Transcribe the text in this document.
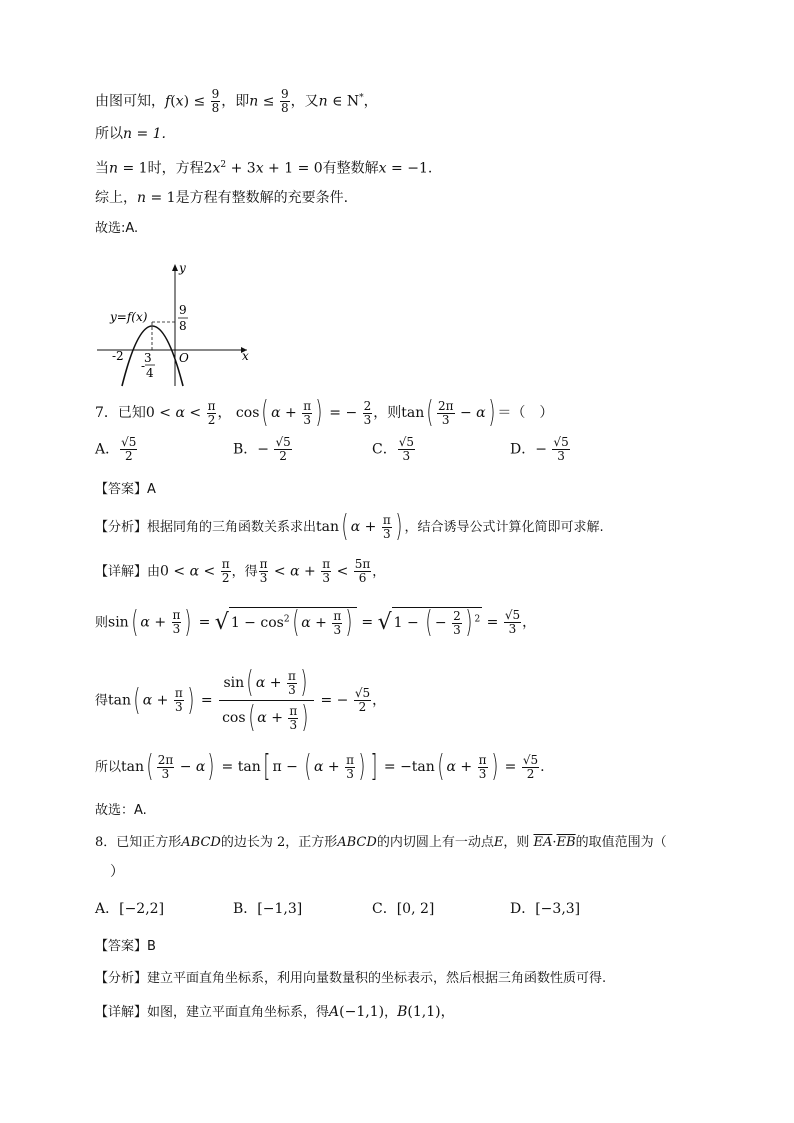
由图可知，$f(x) \le \frac{9}{8}$ ，即$n \le \frac{9}{8}$ ，又n ∈ N*，
所以n = 1.
当n = 1时，方程$2x^2 + 3x + 1 = 0$有整数解x = −1.
综上，n = 1是方程有整数解的充要条件.
故选:A.
y
x
y=f(x)
O
-2 3
- 4
9
8
7．已知$0 < \alpha < \frac{\pi}{2}$ ， cos( $\alpha + \frac{\pi}{3}$ ) = − $\frac{2}{3}$ ，则$\tan( \frac{2\pi}{3} - \alpha)$ ＝（　）
A． $\frac{√5}{2}$	B．− $\frac{√5}{2}$	C． $\frac{√5}{3}$	D．− $\frac{√5}{3}$
【答案】A
【分析】根据同角的三角函数关系求出tan( $\alpha + \frac{\pi}{3}$ ) ，结合诱导公式计算化简即可求解.
【详解】由$0 < \alpha < \frac{\pi}{2}$ ，得 $\frac{\pi}{3} < \alpha + \frac{\pi}{3} < \frac{5\pi}{6}$ ，
则sin( $\alpha + \frac{\pi}{3}$ ) = √ $1 - \cos^2$( $\alpha + \frac{\pi}{3}$ ) = √ 1 − ( − $\frac{2}{3}$ ) $^2 = \frac{√5}{3}$ ，
得tan( $\alpha + \frac{\pi}{3}$ ) = $\frac{\sin( \alpha + \frac{\pi}{3} )}{\cos( \alpha + \frac{\pi}{3} )}$ = − $\frac{√5}{2}$ ，
所以$\tan( \frac{2\pi}{3} - \alpha) = \tan$[ π − ( $\alpha + \frac{\pi}{3}$ ) ] = −tan( $\alpha + \frac{\pi}{3}$ ) = $\frac{√5}{2}$ .
故选：A.
8．已知正方形ABCD的边长为 2，正方形ABCD的内切圆上有一动点E，则 $\overline{EA}\cdot\overline{EB}$的取值范围为（
）
A．[−2,2]	B．[−1,3]	C．[0, 2]	D．[−3,3]
【答案】B
【分析】建立平面直角坐标系，利用向量数量积的坐标表示，然后根据三角函数性质可得.
【详解】如图，建立平面直角坐标系，得A(−1,1)，B(1,1)，
